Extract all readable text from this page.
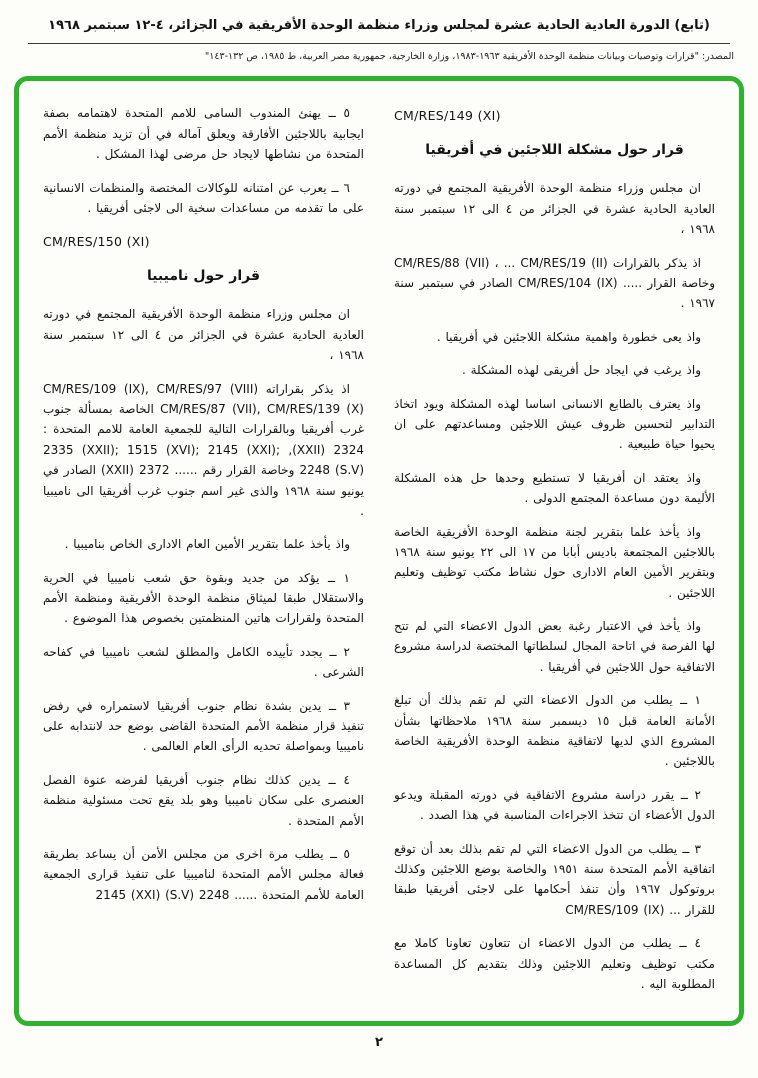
(تابع) الدورة العادية الحادية عشرة لمجلس وزراء منظمة الوحدة الأفريقية في الجزائر، ٤-١٢ سبتمبر ١٩٦٨
المصدر: "قرارات وتوصيات وبيانات منظمة الوحدة الأفريقية ١٩٦٣-١٩٨٣، وزارة الخارجية، جمهورية مصر العربية، ط ١٩٨٥، ص ١٣٢-١٤٣"
CM/RES/149 (XI)
قرار حول مشكلة اللاجئين في أفريقيا

ان مجلس وزراء منظمة الوحدة الأفريقية المجتمع في دورته العادية الحادية عشرة في الجزائر من ٤ الى ١٢ سبتمبر سنة ١٩٦٨ ،

اذ يذكر بالقرارات CM/RES/88 (VII) ، ... CM/RES/19 (II) وخاصة القرار ..... CM/RES/104 (IX) الصادر في سبتمبر سنة ١٩٦٧ .

واذ يعى خطورة واهمية مشكلة اللاجئين في أفريقيا .

واذ يرغب في ايجاد حل أفريقى لهذه المشكلة .

واذ يعترف بالطابع الانسانى اساسا لهذه المشكلة ويود اتخاذ التدابير لتحسين ظروف عيش اللاجئين ومساعدتهم على ان يحيوا حياة طبيعية .

واذ يعتقد ان أفريقيا لا تستطيع وحدها حل هذه المشكلة الأليمة دون مساعدة المجتمع الدولى .

واذ يأخذ علما بتقرير لجنة منظمة الوحدة الأفريقية الخاصة باللاجئين المجتمعة باديس أبابا من ١٧ الى ٢٢ يونيو سنة ١٩٦٨ وبتقرير الأمين العام الادارى حول نشاط مكتب توظيف وتعليم اللاجئين .

واذ يأخذ في الاعتبار رغبة بعض الدول الاعضاء التي لم تتح لها الفرصة في اتاحة المجال لسلطاتها المختصة لدراسة مشروع الاتفاقية حول اللاجئين في أفريقيا .

١ ــ يطلب من الدول الاعضاء التي لم تقم بذلك أن تبلغ الأمانة العامة قبل ١٥ ديسمبر سنة ١٩٦٨ ملاحظاتها بشأن المشروع الذي لديها لاتفاقية منظمة الوحدة الأفريقية الخاصة باللاجئين .

٢ ــ يقرر دراسة مشروع الاتفاقية في دورته المقبلة ويدعو الدول الأعضاء ان تتخذ الاجراءات المناسبة في هذا الصدد .

٣ ــ يطلب من الدول الاعضاء التي لم تقم بذلك بعد أن توقع اتفاقية الأمم المتحدة سنة ١٩٥١ والخاصة بوضع اللاجئين وكذلك بروتوكول ١٩٦٧ وأن تنفذ أحكامها على لاجئى أفريقيا طبقا للقرار ... CM/RES/109 (IX)

٤ ــ يطلب من الدول الاعضاء ان تتعاون تعاونا كاملا مع مكتب توظيف وتعليم اللاجئين وذلك بتقديم كل المساعدة المطلوبة اليه .

٥ ــ يهنئ المندوب السامى للامم المتحدة لاهتمامه بصفة ايجابية باللاجئين الأفارقة ويعلق آماله في أن تزيد منظمة الأمم المتحدة من نشاطها لايجاد حل مرضى لهذا المشكل .

٦ ــ يعرب عن امتنانه للوكالات المختصة والمنظمات الانسانية على ما تقدمه من مساعدات سخية الى لاجئى أفريقيا .

CM/RES/150 (XI)
قرار حول ناميبيا

ان مجلس وزراء منظمة الوحدة الأفريقية المجتمع في دورته العادية الحادية عشرة في الجزائر من ٤ الى ١٢ سبتمبر سنة ١٩٦٨ ،

اذ يذكر بقراراته CM/RES/109 (IX), CM/RES/97 (VIII) CM/RES/87 (VII), CM/RES/139 (X) الخاصة بمسألة جنوب غرب أفريقيا وبالقرارات التالية للجمعية العامة للامم المتحدة : 2324 (XXII), 2335 (XXII); 1515 (XVI); 2145 (XXI); 2248 (S.V) وخاصة القرار رقم ...... 2372 (XXII) الصادر في يونيو سنة ١٩٦٨ والذى غير اسم جنوب غرب أفريقيا الى ناميبيا .

واذ يأخذ علما بتقرير الأمين العام الادارى الخاص بناميبيا .

١ ــ يؤكد من جديد وبقوة حق شعب ناميبيا في الحرية والاستقلال طبقا لميثاق منظمة الوحدة الأفريقية ومنظمة الأمم المتحدة ولقرارات هاتين المنظمتين بخصوص هذا الموضوع .

٢ ــ يجدد تأييده الكامل والمطلق لشعب ناميبيا في كفاحه الشرعى .

٣ ــ يدين بشدة نظام جنوب أفريقيا لاستمراره في رفض تنفيذ قرار منظمة الأمم المتحدة القاضى بوضع حد لانتدابه على ناميبيا وبمواصلة تحديه الرأى العام العالمى .

٤ ــ يدين كذلك نظام جنوب أفريقيا لفرضه عنوة الفصل العنصرى على سكان ناميبيا وهو بلد يقع تحت مسئولية منظمة الأمم المتحدة .

٥ ــ يطلب مرة اخرى من مجلس الأمن أن يساعد بطريقة فعالة مجلس الأمم المتحدة لناميبيا على تنفيذ قرارى الجمعية العامة للأمم المتحدة ...... 2248 (S.V) 2145 (XXI)

٢
